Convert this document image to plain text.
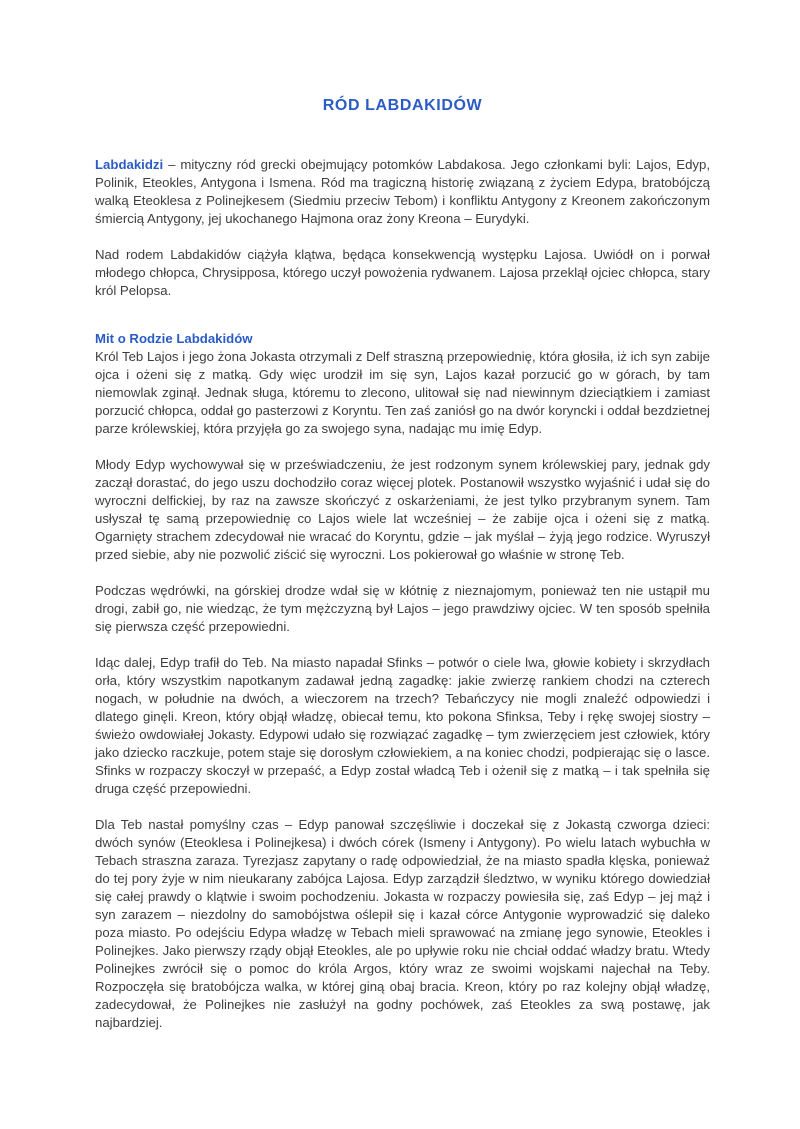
RÓD LABDAKIDÓW

Labdakidzi – mityczny ród grecki obejmujący potomków Labdakosa. Jego członkami byli: Lajos, Edyp, Polinik, Eteokles, Antygona i Ismena. Ród ma tragiczną historię związaną z życiem Edypa, bratobójczą walką Eteoklesa z Polinejkesem (Siedmiu przeciw Tebom) i konfliktu Antygony z Kreonem zakończonym śmiercią Antygony, jej ukochanego Hajmona oraz żony Kreona – Eurydyki.

Nad rodem Labdakidów ciążyła klątwa, będąca konsekwencją występku Lajosa. Uwiódł on i porwał młodego chłopca, Chrysipposa, którego uczył powożenia rydwanem. Lajosa przeklął ojciec chłopca, stary król Pelopsa.

Mit o Rodzie Labdakidów

Król Teb Lajos i jego żona Jokasta otrzymali z Delf straszną przepowiednię, która głosiła, iż ich syn zabije ojca i ożeni się z matką. Gdy więc urodził im się syn, Lajos kazał porzucić go w górach, by tam niemowlak zginął. Jednak sługa, któremu to zlecono, ulitował się nad niewinnym dzieciątkiem i zamiast porzucić chłopca, oddał go pasterzowi z Koryntu. Ten zaś zaniósł go na dwór koryncki i oddał bezdzietnej parze królewskiej, która przyjęła go za swojego syna, nadając mu imię Edyp.

Młody Edyp wychowywał się w przeświadczeniu, że jest rodzonym synem królewskiej pary, jednak gdy zaczął dorastać, do jego uszu dochodziło coraz więcej plotek. Postanowił wszystko wyjaśnić i udał się do wyroczni delfickiej, by raz na zawsze skończyć z oskarżeniami, że jest tylko przybranym synem. Tam usłyszał tę samą przepowiednię co Lajos wiele lat wcześniej – że zabije ojca i ożeni się z matką. Ogarnięty strachem zdecydował nie wracać do Koryntu, gdzie – jak myślał – żyją jego rodzice. Wyruszył przed siebie, aby nie pozwolić ziścić się wyroczni. Los pokierował go właśnie w stronę Teb.

Podczas wędrówki, na górskiej drodze wdał się w kłótnię z nieznajomym, ponieważ ten nie ustąpił mu drogi, zabił go, nie wiedząc, że tym mężczyzną był Lajos – jego prawdziwy ojciec. W ten sposób spełniła się pierwsza część przepowiedni.

Idąc dalej, Edyp trafił do Teb. Na miasto napadał Sfinks – potwór o ciele lwa, głowie kobiety i skrzydłach orła, który wszystkim napotkanym zadawał jedną zagadkę: jakie zwierzę rankiem chodzi na czterech nogach, w południe na dwóch, a wieczorem na trzech? Tebańczycy nie mogli znaleźć odpowiedzi i dlatego ginęli. Kreon, który objął władzę, obiecał temu, kto pokona Sfinksa, Teby i rękę swojej siostry – świeżo owdowiałej Jokasty. Edypowi udało się rozwiązać zagadkę – tym zwierzęciem jest człowiek, który jako dziecko raczkuje, potem staje się dorosłym człowiekiem, a na koniec chodzi, podpierając się o lasce. Sfinks w rozpaczy skoczył w przepaść, a Edyp został władcą Teb i ożenił się z matką – i tak spełniła się druga część przepowiedni.

Dla Teb nastał pomyślny czas – Edyp panował szczęśliwie i doczekał się z Jokastą czworga dzieci: dwóch synów (Eteoklesa i Polinejkesa) i dwóch córek (Ismeny i Antygony). Po wielu latach wybuchła w Tebach straszna zaraza. Tyrezjasz zapytany o radę odpowiedział, że na miasto spadła klęska, ponieważ do tej pory żyje w nim nieukarany zabójca Lajosa. Edyp zarządził śledztwo, w wyniku którego dowiedział się całej prawdy o klątwie i swoim pochodzeniu. Jokasta w rozpaczy powiesiła się, zaś Edyp – jej mąż i syn zarazem – niezdolny do samobójstwa oślepił się i kazał córce Antygonie wyprowadzić się daleko poza miasto. Po odejściu Edypa władzę w Tebach mieli sprawować na zmianę jego synowie, Eteokles i Polinejkes. Jako pierwszy rządy objął Eteokles, ale po upływie roku nie chciał oddać władzy bratu. Wtedy Polinejkes zwrócił się o pomoc do króla Argos, który wraz ze swoimi wojskami najechał na Teby. Rozpoczęła się bratobójcza walka, w której giną obaj bracia. Kreon, który po raz kolejny objął władzę, zadecydował, że Polinejkes nie zasłużył na godny pochówek, zaś Eteokles za swą postawę, jak najbardziej.
